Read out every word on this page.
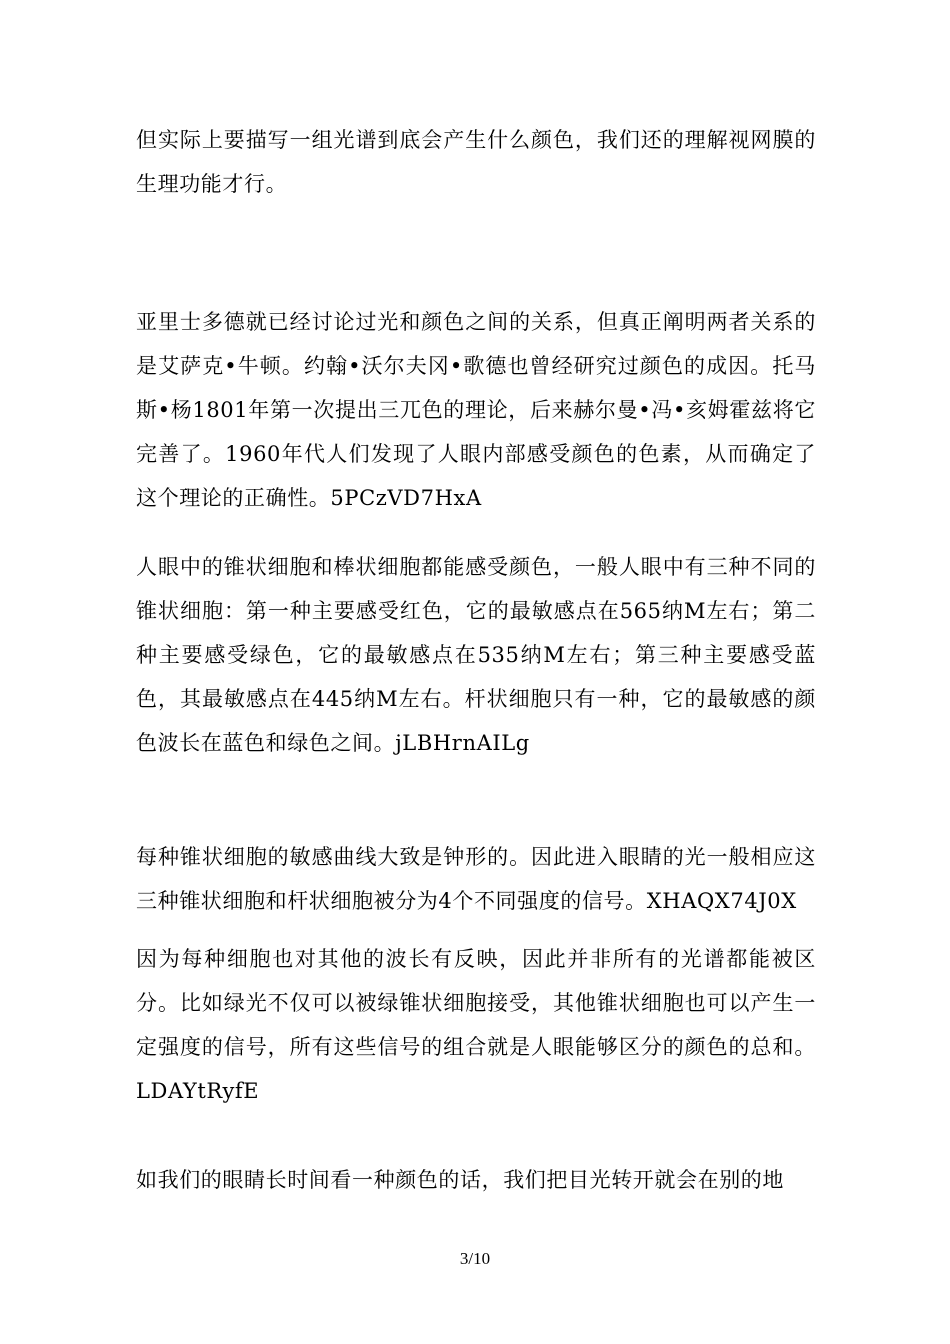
但实际上要描写一组光谱到底会产生什么颜色，我们还的理解视网膜的生理功能才行。

亚里士多德就已经讨论过光和颜色之间的关系，但真正阐明两者关系的是艾萨克•牛顿。约翰•沃尔夫冈•歌德也曾经研究过颜色的成因。托马斯•杨1801年第一次提出三兀色的理论，后来赫尔曼•冯•亥姆霍兹将它完善了。1960年代人们发现了人眼内部感受颜色的色素，从而确定了这个理论的正确性。5PCzVD7HxA

人眼中的锥状细胞和棒状细胞都能感受颜色，一般人眼中有三种不同的锥状细胞：第一种主要感受红色，它的最敏感点在565纳M左右；第二种主要感受绿色，它的最敏感点在535纳M左右；第三种主要感受蓝色，其最敏感点在445纳M左右。杆状细胞只有一种，它的最敏感的颜色波长在蓝色和绿色之间。jLBHrnAILg

每种锥状细胞的敏感曲线大致是钟形的。因此进入眼睛的光一般相应这三种锥状细胞和杆状细胞被分为4个不同强度的信号。XHAQX74J0X

因为每种细胞也对其他的波长有反映，因此并非所有的光谱都能被区分。比如绿光不仅可以被绿锥状细胞接受，其他锥状细胞也可以产生一定强度的信号，所有这些信号的组合就是人眼能够区分的颜色的总和。LDAYtRyfE

如我们的眼睛长时间看一种颜色的话，我们把目光转开就会在别的地

3/10
